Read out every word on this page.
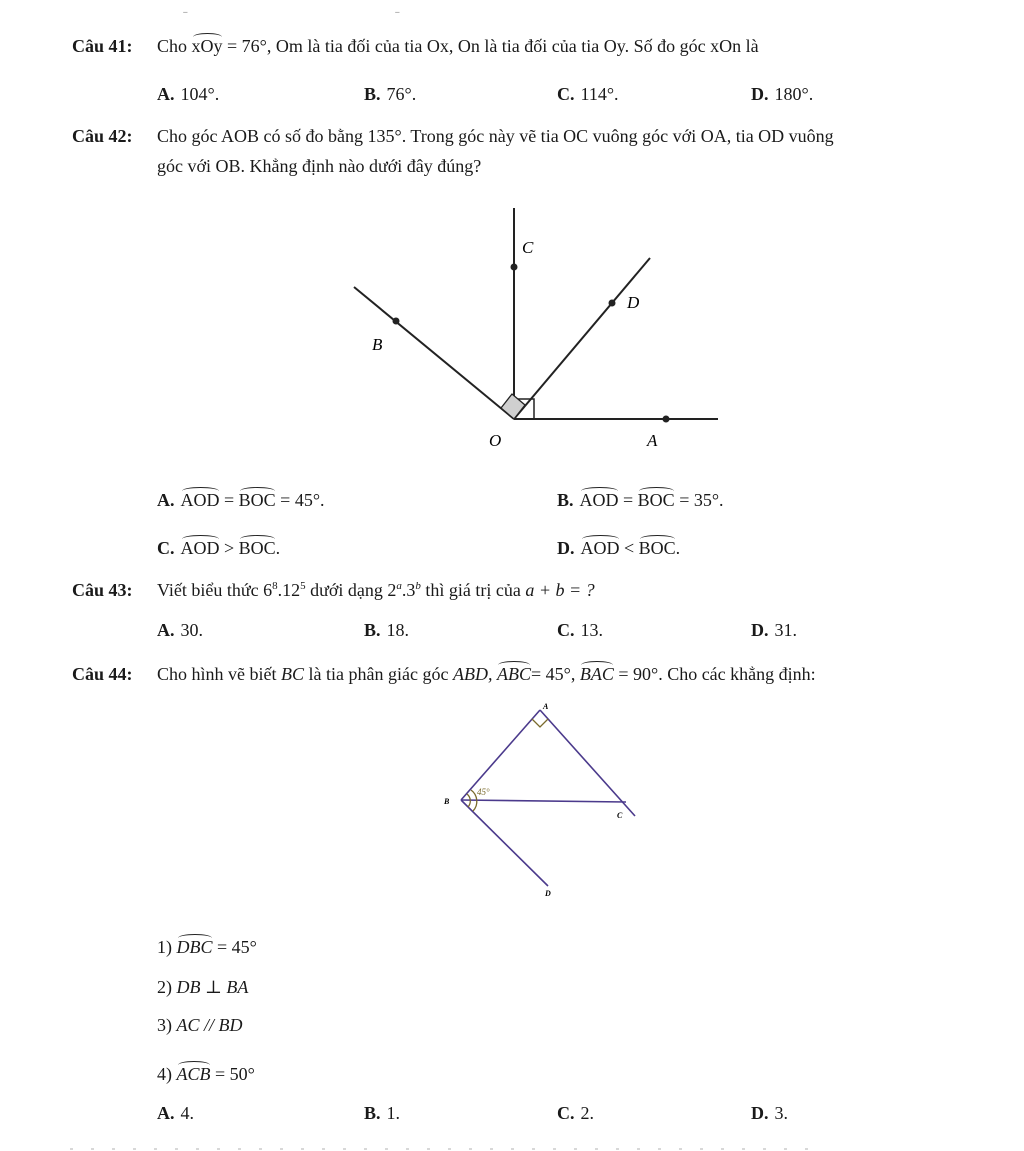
ˍ	ˍ
Câu 41: Cho xOy = 76°, Om là tia đối của tia Ox, On là tia đối của tia Oy. Số đo góc xOn là
A. 104°.	B. 76°.	C. 114°.	D. 180°.
Câu 42: Cho góc AOB có số đo bằng 135°. Trong góc này vẽ tia OC vuông góc với OA, tia OD vuông
góc với OB. Khẳng định nào dưới đây đúng?
C
D
B
O	A
A. AOD = BOC = 45°.	B. AOD = BOC = 35°.
C. AOD > BOC.	D. AOD < BOC.
Câu 43: Viết biểu thức $6^8.12^5$ dưới dạng 2$^a$.3$^b$ thì giá trị của a + b = ?
A. 30.	B. 18.	C. 13.	D. 31.
Câu 44: Cho hình vẽ biết BC là tia phân giác góc ABD, ABC= 45°, BAC = 90°. Cho các khẳng định:
A
B
C
D
45°
1) DBC = 45°
2) DB ⊥ BA
3) AC // BD
4) ACB = 50°
A. 4.	B. 1.	C. 2.	D. 3.
